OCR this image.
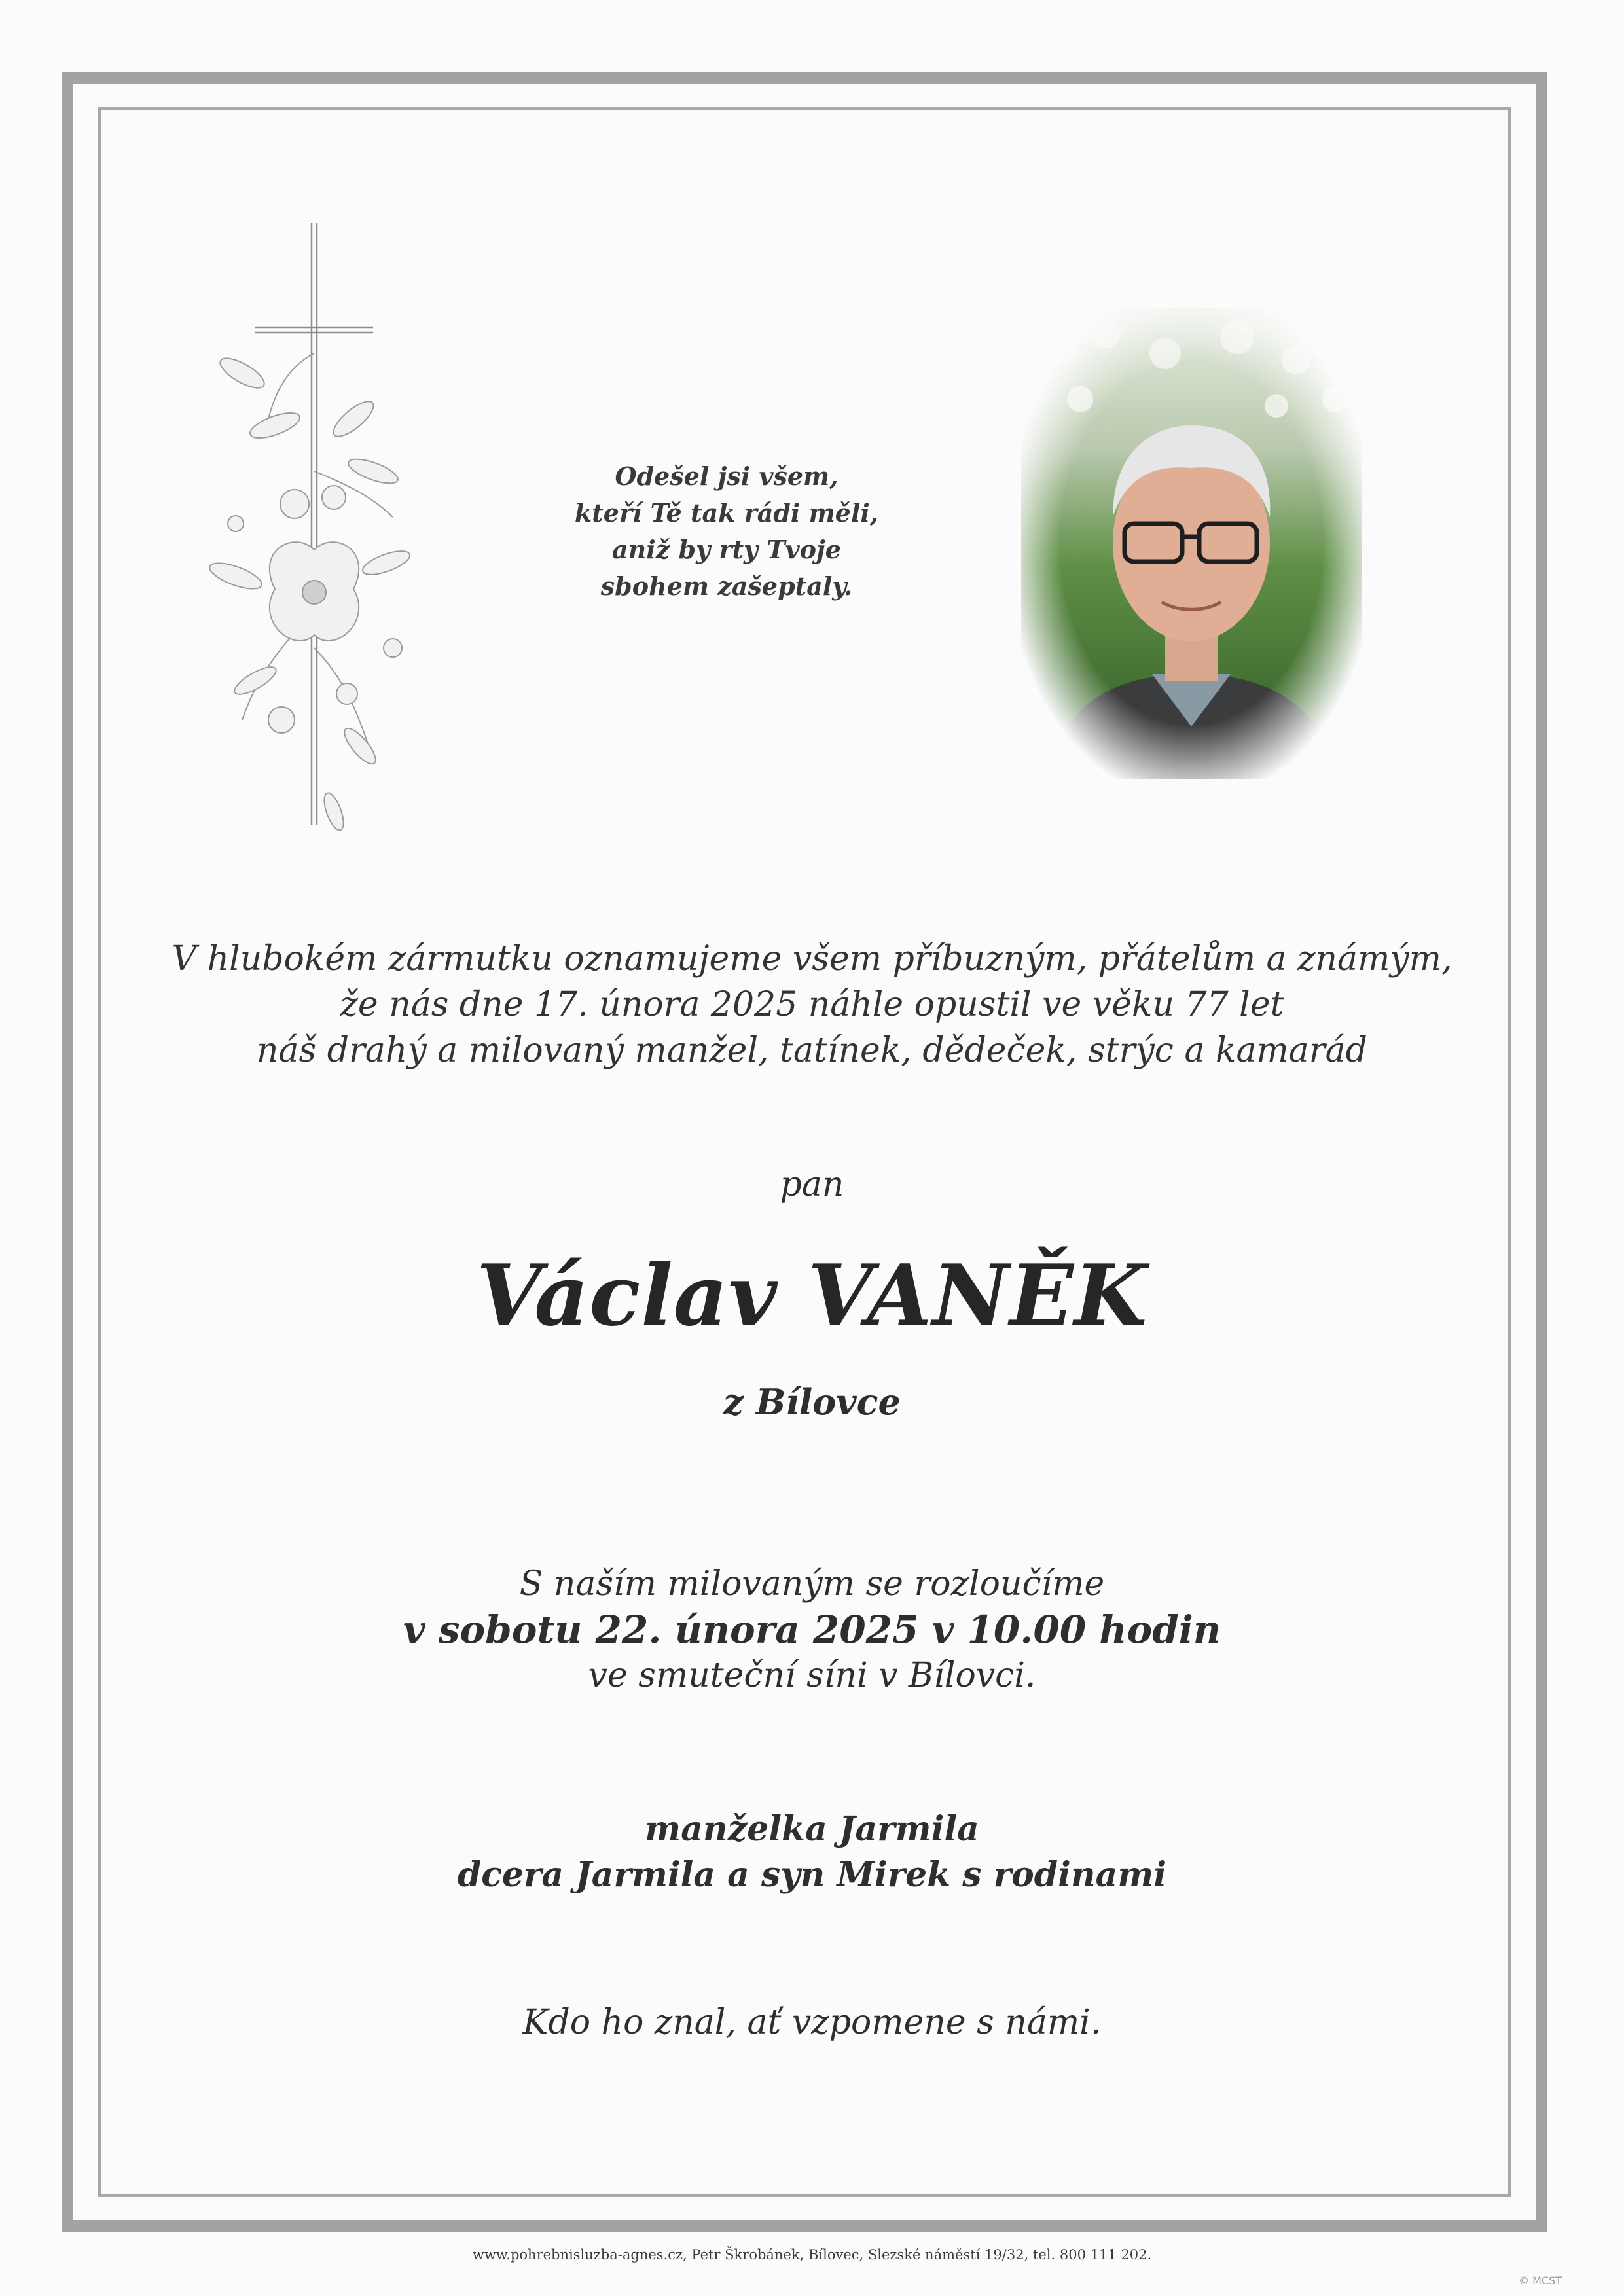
Odešel jsi všem,
kteří Tě tak rádi měli,
aniž by rty Tvoje
sbohem zašeptaly.
V hlubokém zármutku oznamujeme všem příbuzným, přátelům a známým,
že nás dne 17. února 2025 náhle opustil ve věku 77 let
náš drahý a milovaný manžel, tatínek, dědeček, strýc a kamarád
pan
Václav VANĚK
z Bílovce
S naším milovaným se rozloučíme
v sobotu 22. února 2025 v 10.00 hodin
ve smuteční síni v Bílovci.
manželka Jarmila
dcera Jarmila a syn Mirek s rodinami
Kdo ho znal, ať vzpomene s námi.
www.pohrebnisluzba-agnes.cz, Petr Škrobánek, Bílovec, Slezské náměstí 19/32, tel. 800 111 202.
© MCST
